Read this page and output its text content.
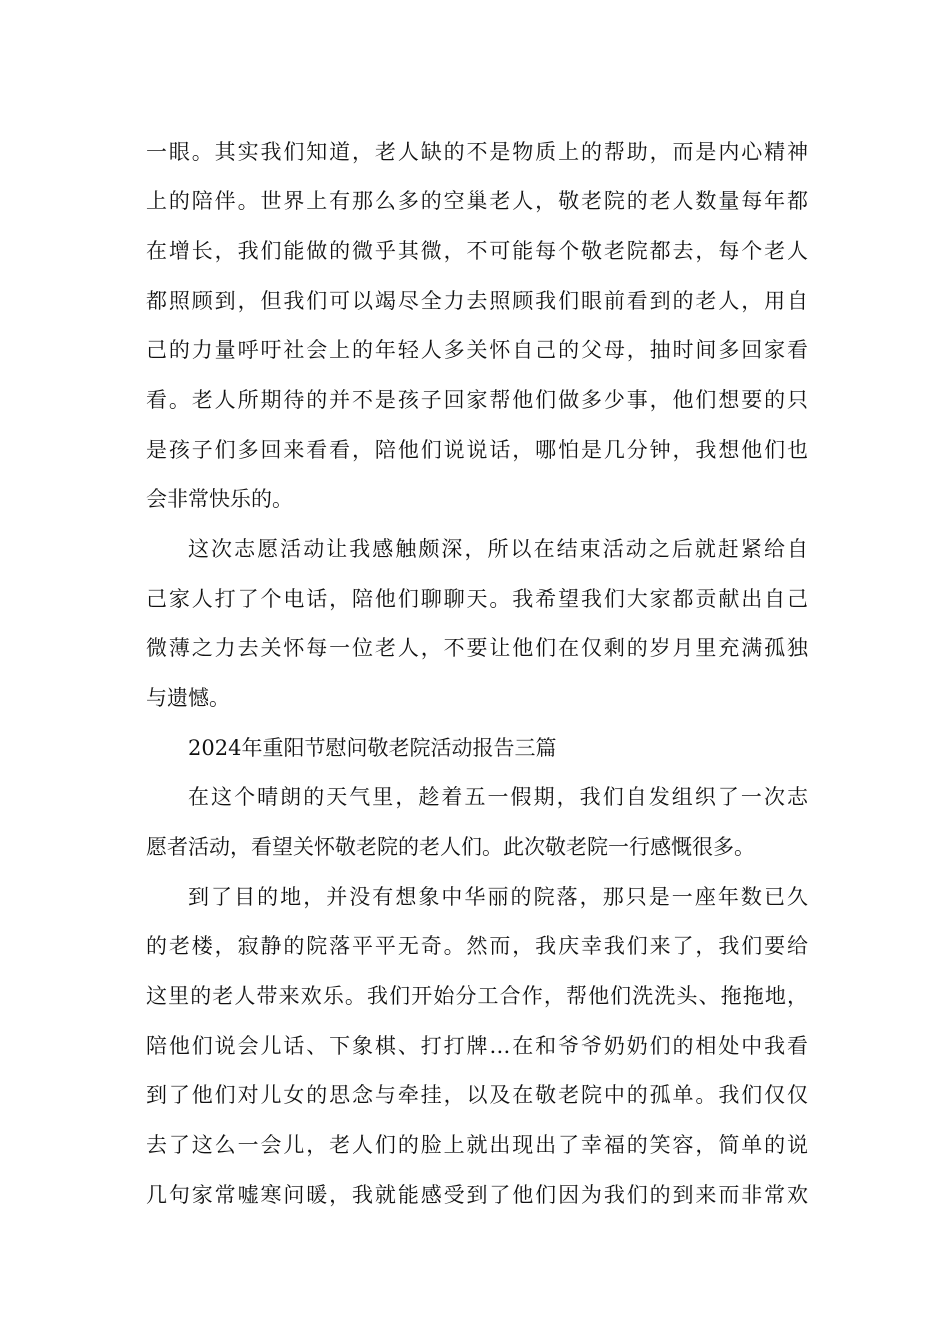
一眼。其实我们知道，老人缺的不是物质上的帮助，而是内心精神
上的陪伴。世界上有那么多的空巢老人，敬老院的老人数量每年都
在增长，我们能做的微乎其微，不可能每个敬老院都去，每个老人
都照顾到，但我们可以竭尽全力去照顾我们眼前看到的老人，用自
己的力量呼吁社会上的年轻人多关怀自己的父母，抽时间多回家看
看。老人所期待的并不是孩子回家帮他们做多少事，他们想要的只
是孩子们多回来看看，陪他们说说话，哪怕是几分钟，我想他们也
会非常快乐的。
这次志愿活动让我感触颇深，所以在结束活动之后就赶紧给自
己家人打了个电话，陪他们聊聊天。我希望我们大家都贡献出自己
微薄之力去关怀每一位老人，不要让他们在仅剩的岁月里充满孤独
与遗憾。
2024年重阳节慰问敬老院活动报告三篇
在这个晴朗的天气里，趁着五一假期，我们自发组织了一次志
愿者活动，看望关怀敬老院的老人们。此次敬老院一行感慨很多。
到了目的地，并没有想象中华丽的院落，那只是一座年数已久
的老楼，寂静的院落平平无奇。然而，我庆幸我们来了，我们要给
这里的老人带来欢乐。我们开始分工合作，帮他们洗洗头、拖拖地，
陪他们说会儿话、下象棋、打打牌…在和爷爷奶奶们的相处中我看
到了他们对儿女的思念与牵挂，以及在敬老院中的孤单。我们仅仅
去了这么一会儿，老人们的脸上就出现出了幸福的笑容，简单的说
几句家常嘘寒问暖，我就能感受到了他们因为我们的到来而非常欢
